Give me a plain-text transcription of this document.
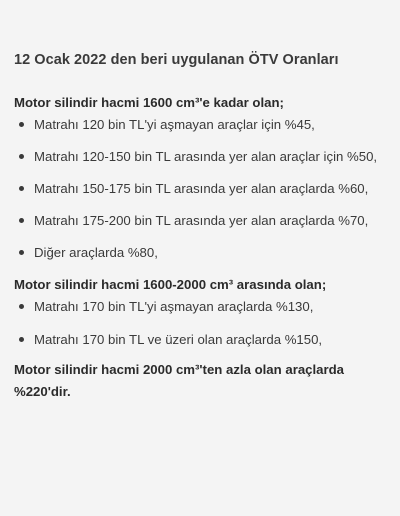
12 Ocak 2022 den beri uygulanan ÖTV Oranları

Motor silindir hacmi 1600 cm³'e kadar olan;

Matrahı 120 bin TL'yi aşmayan araçlar için %45,
Matrahı 120-150 bin TL arasında yer alan araçlar için %50,
Matrahı 150-175 bin TL arasında yer alan araçlarda %60,
Matrahı 175-200 bin TL arasında yer alan araçlarda %70,
Diğer araçlarda %80,

Motor silindir hacmi 1600-2000 cm³ arasında olan;

Matrahı 170 bin TL'yi aşmayan araçlarda %130,
Matrahı 170 bin TL ve üzeri olan araçlarda %150,

Motor silindir hacmi 2000 cm³'ten azla olan araçlarda %220'dir.
